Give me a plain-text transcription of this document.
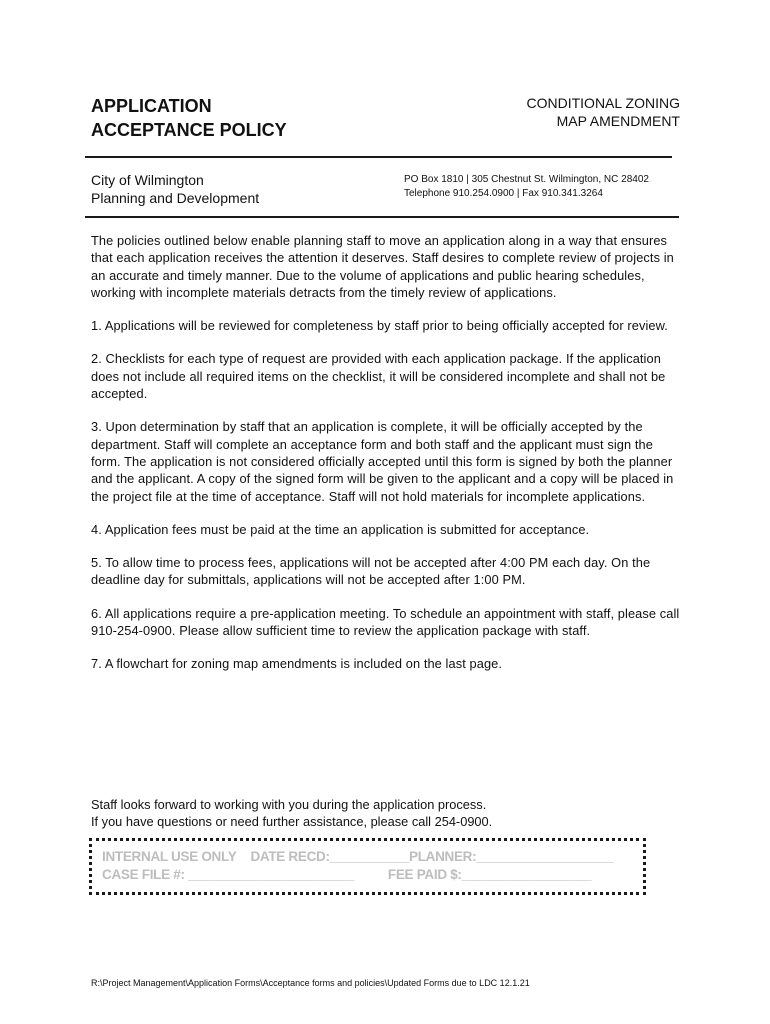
APPLICATION
ACCEPTANCE POLICY
CONDITIONAL ZONING
MAP AMENDMENT
City of Wilmington
Planning and Development
PO Box 1810 | 305 Chestnut St. Wilmington, NC 28402
Telephone 910.254.0900 | Fax 910.341.3264

The policies outlined below enable planning staff to move an application along in a way that ensures that each application receives the attention it deserves. Staff desires to complete review of projects in an accurate and timely manner. Due to the volume of applications and public hearing schedules, working with incomplete materials detracts from the timely review of applications.

1. Applications will be reviewed for completeness by staff prior to being officially accepted for review.

2. Checklists for each type of request are provided with each application package. If the application does not include all required items on the checklist, it will be considered incomplete and shall not be accepted.

3. Upon determination by staff that an application is complete, it will be officially accepted by the department. Staff will complete an acceptance form and both staff and the applicant must sign the form. The application is not considered officially accepted until this form is signed by both the planner and the applicant. A copy of the signed form will be given to the applicant and a copy will be placed in the project file at the time of acceptance. Staff will not hold materials for incomplete applications.

4. Application fees must be paid at the time an application is submitted for acceptance.

5. To allow time to process fees, applications will not be accepted after 4:00 PM each day. On the deadline day for submittals, applications will not be accepted after 1:00 PM.

6. All applications require a pre-application meeting. To schedule an appointment with staff, please call 910-254-0900. Please allow sufficient time to review the application package with staff.

7. A flowchart for zoning map amendments is included on the last page.

Staff looks forward to working with you during the application process.
If you have questions or need further assistance, please call 254-0900.
INTERNAL USE ONLY DATE RECD:___________PLANNER:___________________
CASE FILE #: _______________________	FEE PAID $:__________________
R:\Project Management\Application Forms\Acceptance forms and policies\Updated Forms due to LDC 12.1.21
